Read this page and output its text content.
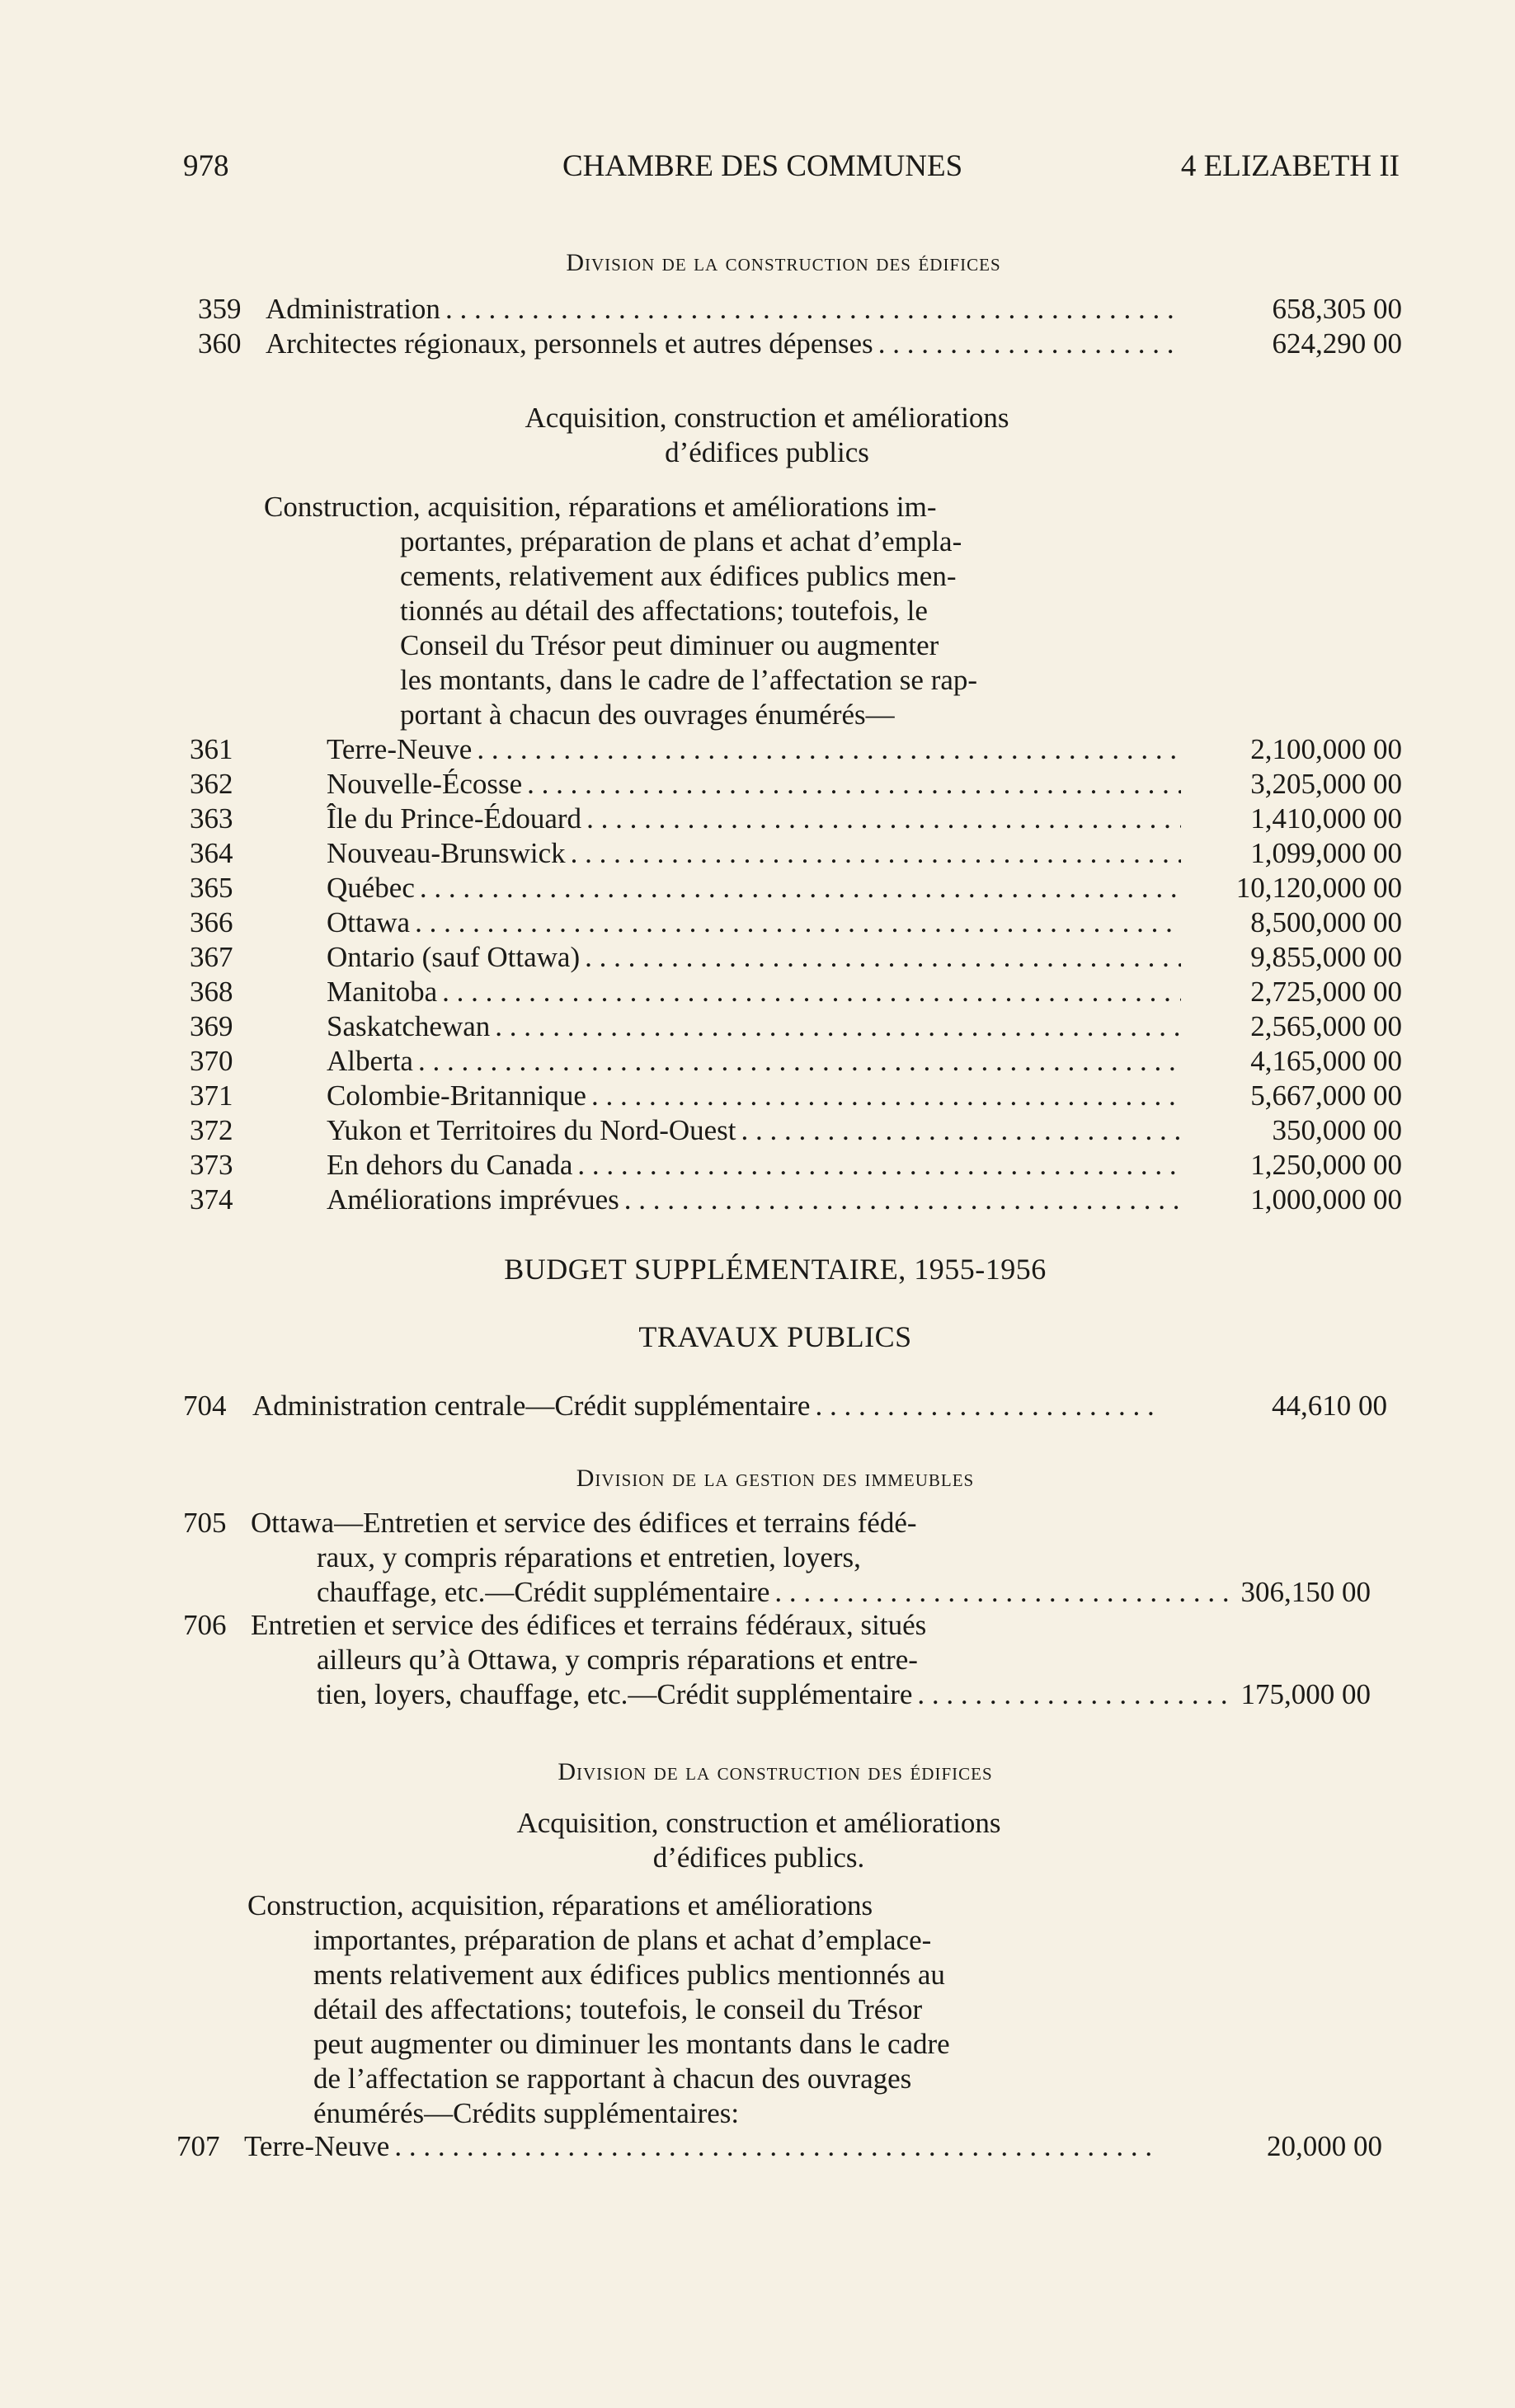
978	CHAMBRE DES COMMUNES	4 ELIZABETH II
Division de la construction des édifices
359 Administration . . .	658,305 00
360 Architectes régionaux, personnels et autres dépenses . . .	624,290 00
Acquisition, construction et améliorations
d’édifices publics
Construction, acquisition, réparations et améliorations im-
portantes, préparation de plans et achat d’empla-
cements, relativement aux édifices publics men-
tionnés au détail des affectations; toutefois, le
Conseil du Trésor peut diminuer ou augmenter
les montants, dans le cadre de l’affectation se rap-
portant à chacun des ouvrages énumérés—
361	Terre-Neuve . . .	2,100,000 00
362	Nouvelle-Écosse . . .	3,205,000 00
363	Île du Prince-Édouard . . .	1,410,000 00
364	Nouveau-Brunswick . . .	1,099,000 00
365	Québec . . .	10,120,000 00
366	Ottawa . . .	8,500,000 00
367	Ontario (sauf Ottawa) . . .	9,855,000 00
368	Manitoba . . .	2,725,000 00
369	Saskatchewan . . .	2,565,000 00
370	Alberta . . .	4,165,000 00
371	Colombie-Britannique . . .	5,667,000 00
372	Yukon et Territoires du Nord-Ouest . . .	350,000 00
373	En dehors du Canada . . .	1,250,000 00
374	Améliorations imprévues . . .	1,000,000 00
BUDGET SUPPLÉMENTAIRE, 1955-1956
TRAVAUX PUBLICS
704 Administration centrale—Crédit supplémentaire . . .	44,610 00
Division de la gestion des immeubles
705 Ottawa—Entretien et service des édifices et terrains fédé-
raux, y compris réparations et entretien, loyers,
chauffage, etc.—Crédit supplémentaire . . .	306,150 00
706 Entretien et service des édifices et terrains fédéraux, situés
ailleurs qu’à Ottawa, y compris réparations et entre-
tien, loyers, chauffage, etc.—Crédit supplémentaire . . .	175,000 00
Division de la construction des édifices
Acquisition, construction et améliorations
d’édifices publics.
Construction, acquisition, réparations et améliorations
importantes, préparation de plans et achat d’emplace-
ments relativement aux édifices publics mentionnés au
détail des affectations; toutefois, le conseil du Trésor
peut augmenter ou diminuer les montants dans le cadre
de l’affectation se rapportant à chacun des ouvrages
énumérés—Crédits supplémentaires:
707 Terre-Neuve . . .	20,000 00
